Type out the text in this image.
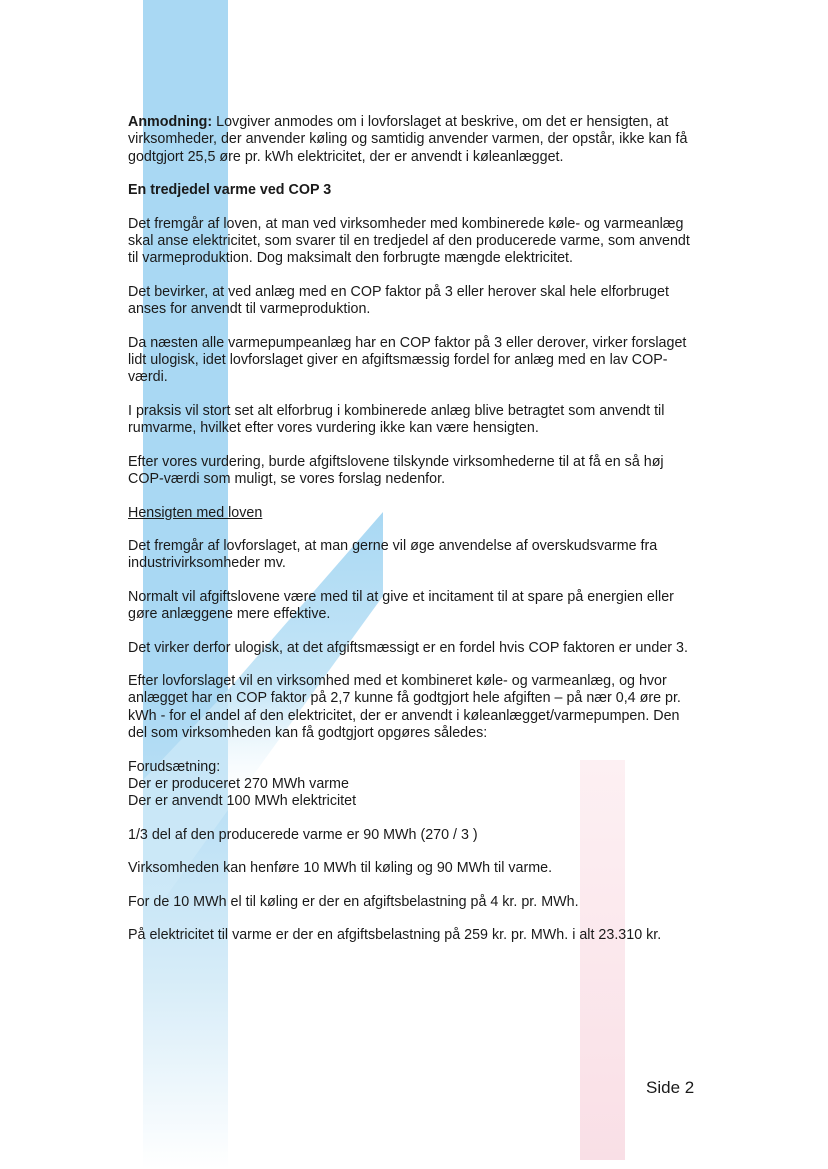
Anmodning: Lovgiver anmodes om i lovforslaget at beskrive, om det er hensigten, at virksomheder, der anvender køling og samtidig anvender varmen, der opstår, ikke kan få godtgjort 25,5 øre pr. kWh elektricitet, der er anvendt i køleanlægget.

En tredjedel varme ved COP 3

Det fremgår af loven, at man ved virksomheder med kombinerede køle- og varmeanlæg skal anse elektricitet, som svarer til en tredjedel af den producerede varme, som anvendt til varmeproduktion. Dog maksimalt den forbrugte mængde elektricitet.

Det bevirker, at ved anlæg med en COP faktor på 3 eller herover skal hele elforbruget anses for anvendt til varmeproduktion.

Da næsten alle varmepumpeanlæg har en COP faktor på 3 eller derover, virker forslaget lidt ulogisk, idet lovforslaget giver en afgiftsmæssig fordel for anlæg med en lav COP-værdi.

I praksis vil stort set alt elforbrug i kombinerede anlæg blive betragtet som anvendt til rumvarme, hvilket efter vores vurdering ikke kan være hensigten.

Efter vores vurdering, burde afgiftslovene tilskynde virksomhederne til at få en så høj COP-værdi som muligt, se vores forslag nedenfor.

Hensigten med loven

Det fremgår af lovforslaget, at man gerne vil øge anvendelse af overskudsvarme fra industrivirksomheder mv.

Normalt vil afgiftslovene være med til at give et incitament til at spare på energien eller gøre anlæggene mere effektive.

Det virker derfor ulogisk, at det afgiftsmæssigt er en fordel hvis COP faktoren er under 3.

Efter lovforslaget vil en virksomhed med et kombineret køle- og varmeanlæg, og hvor anlægget har en COP faktor på 2,7 kunne få godtgjort hele afgiften – på nær 0,4 øre pr. kWh - for el andel af den elektricitet, der er anvendt i køleanlægget/varmepumpen. Den del som virksomheden kan få godtgjort opgøres således:

Forudsætning:
Der er produceret 270 MWh varme
Der er anvendt 100 MWh elektricitet

1/3 del af den producerede varme er 90 MWh (270 / 3 )

Virksomheden kan henføre 10 MWh til køling og 90 MWh til varme.

For de 10 MWh el til køling er der en afgiftsbelastning på 4 kr. pr. MWh.

På elektricitet til varme er der en afgiftsbelastning på 259 kr. pr. MWh. i alt 23.310 kr.

Side 2
